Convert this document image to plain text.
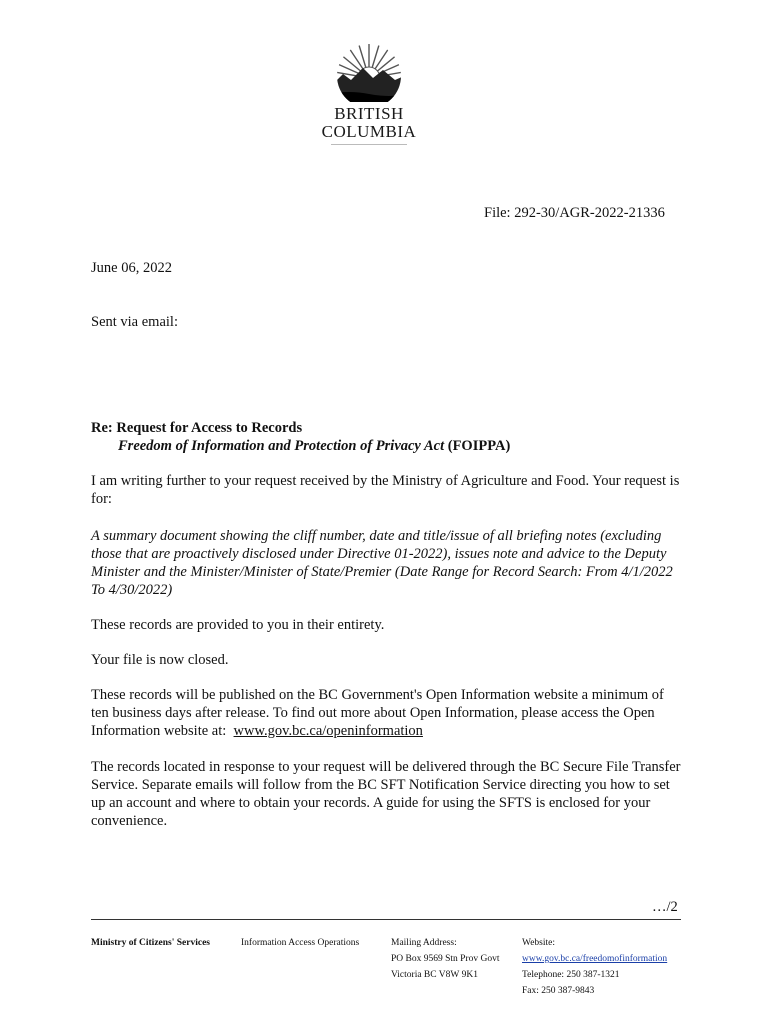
BRITISH
COLUMBIA
File: 292-30/AGR-2022-21336
June 06, 2022
Sent via email:
Re: Request for Access to Records
Freedom of Information and Protection of Privacy Act (FOIPPA)
I am writing further to your request received by the Ministry of Agriculture and Food. Your request is for:
A summary document showing the cliff number, date and title/issue of all briefing notes (excluding those that are proactively disclosed under Directive 01-2022), issues note and advice to the Deputy Minister and the Minister/Minister of State/Premier (Date Range for Record Search: From 4/1/2022 To 4/30/2022)
These records are provided to you in their entirety.
Your file is now closed.
These records will be published on the BC Government's Open Information website a minimum of ten business days after release. To find out more about Open Information, please access the Open Information website at: www.gov.bc.ca/openinformation
The records located in response to your request will be delivered through the BC Secure File Transfer Service. Separate emails will follow from the BC SFT Notification Service directing you how to set up an account and where to obtain your records. A guide for using the SFTS is enclosed for your convenience.
…/2
Ministry of Citizens' Services	Information Access Operations	Mailing Address:
PO Box 9569 Stn Prov Govt
Victoria BC V8W 9K1
Website:
www.gov.bc.ca/freedomofinformation
Telephone: 250 387-1321
Fax: 250 387-9843
